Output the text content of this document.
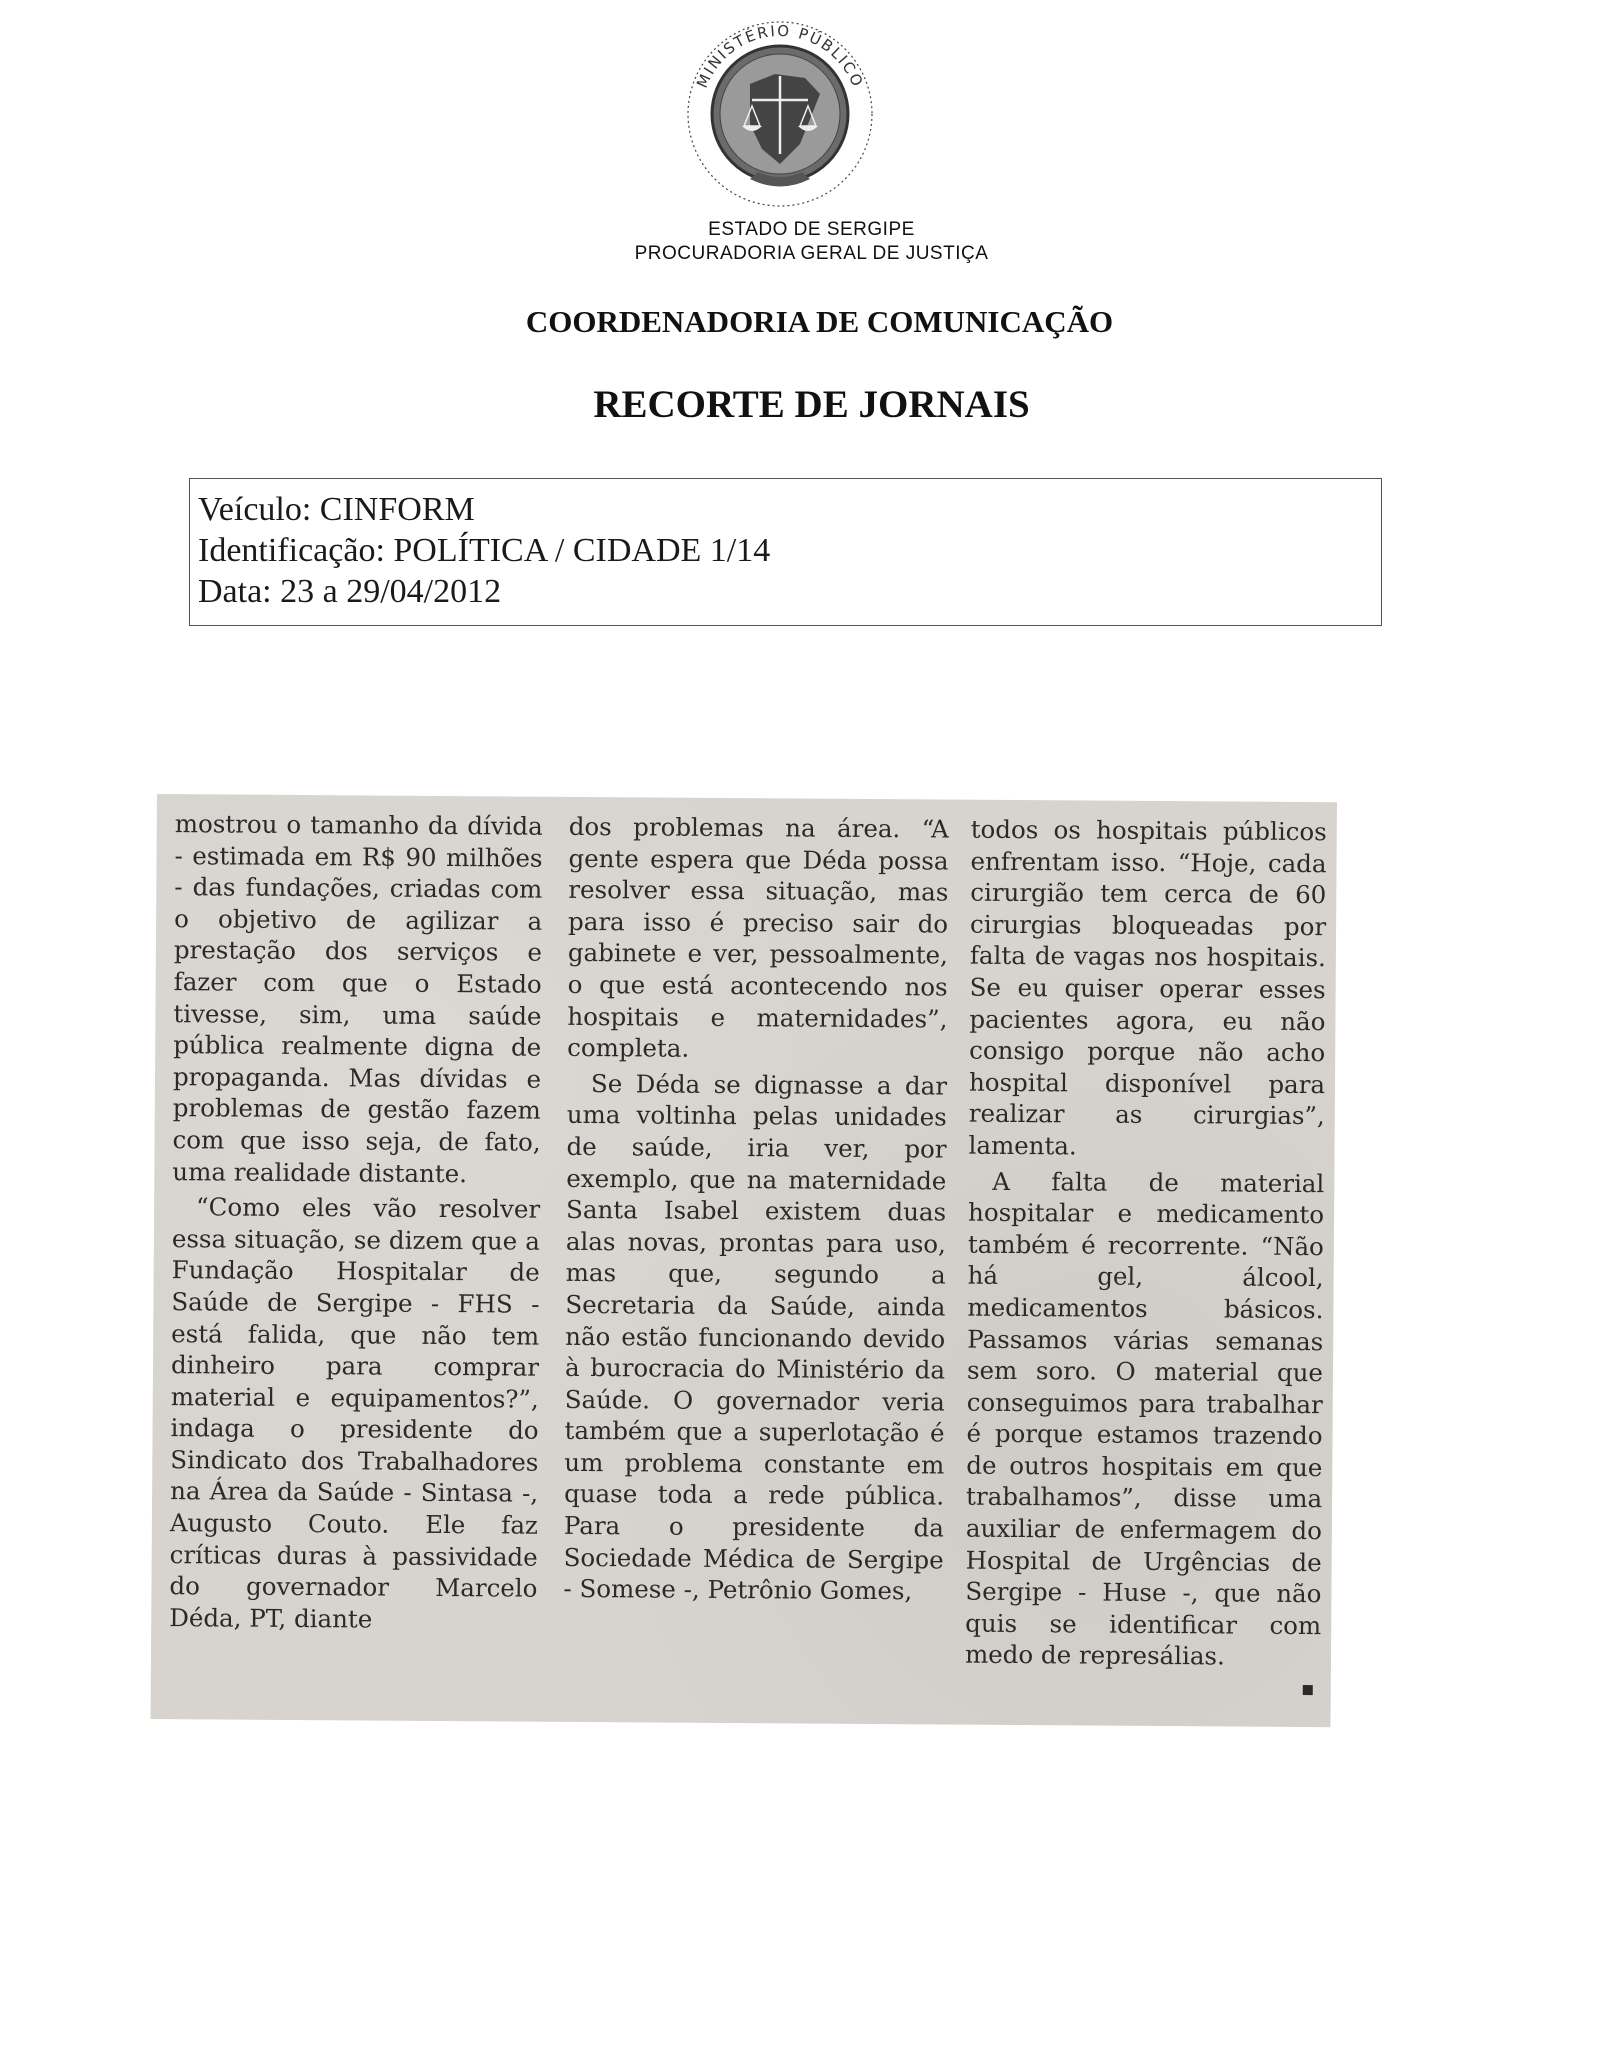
MINISTÉRIO PÚBLICO
ESTADO DE SERGIPE
PROCURADORIA GERAL DE JUSTIÇA
COORDENADORIA DE COMUNICAÇÃO
RECORTE DE JORNAIS
Veículo: CINFORM
Identificação: POLÍTICA / CIDADE 1/14
Data: 23 a 29/04/2012

mostrou o tamanho da dívida - estimada em R$ 90 milhões - das fundações, criadas com o objetivo de agilizar a prestação dos serviços e fazer com que o Estado tivesse, sim, uma saúde pública realmente digna de propaganda. Mas dívidas e problemas de gestão fazem com que isso seja, de fato, uma realidade distante.

“Como eles vão resolver essa situação, se dizem que a Fundação Hospitalar de Saúde de Sergipe - FHS - está falida, que não tem dinheiro para comprar material e equipamentos?”, indaga o presidente do Sindicato dos Trabalhadores na Área da Saúde - Sintasa -, Augusto Couto. Ele faz críticas duras à passividade do governador Marcelo Déda, PT, diante

dos problemas na área. “A gente espera que Déda possa resolver essa situação, mas para isso é preciso sair do gabinete e ver, pessoalmente, o que está acontecendo nos hospitais e maternidades”, completa.

Se Déda se dignasse a dar uma voltinha pelas unidades de saúde, iria ver, por exemplo, que na maternidade Santa Isabel existem duas alas novas, prontas para uso, mas que, segundo a Secretaria da Saúde, ainda não estão funcionando devido à burocracia do Ministério da Saúde. O governador veria também que a superlotação é um problema constante em quase toda a rede pública. Para o presidente da Sociedade Médica de Sergipe - Somese -, Petrônio Gomes,

todos os hospitais públicos enfrentam isso. “Hoje, cada cirurgião tem cerca de 60 cirurgias bloqueadas por falta de vagas nos hospitais. Se eu quiser operar esses pacientes agora, eu não consigo porque não acho hospital disponível para realizar as cirurgias”, lamenta.

A falta de material hospitalar e medicamento também é recorrente. “Não há gel, álcool, medicamentos básicos. Passamos várias semanas sem soro. O material que conseguimos para trabalhar é porque estamos trazendo de outros hospitais em que trabalhamos”, disse uma auxiliar de enfermagem do Hospital de Urgências de Sergipe - Huse -, que não quis se identificar com medo de represálias.
